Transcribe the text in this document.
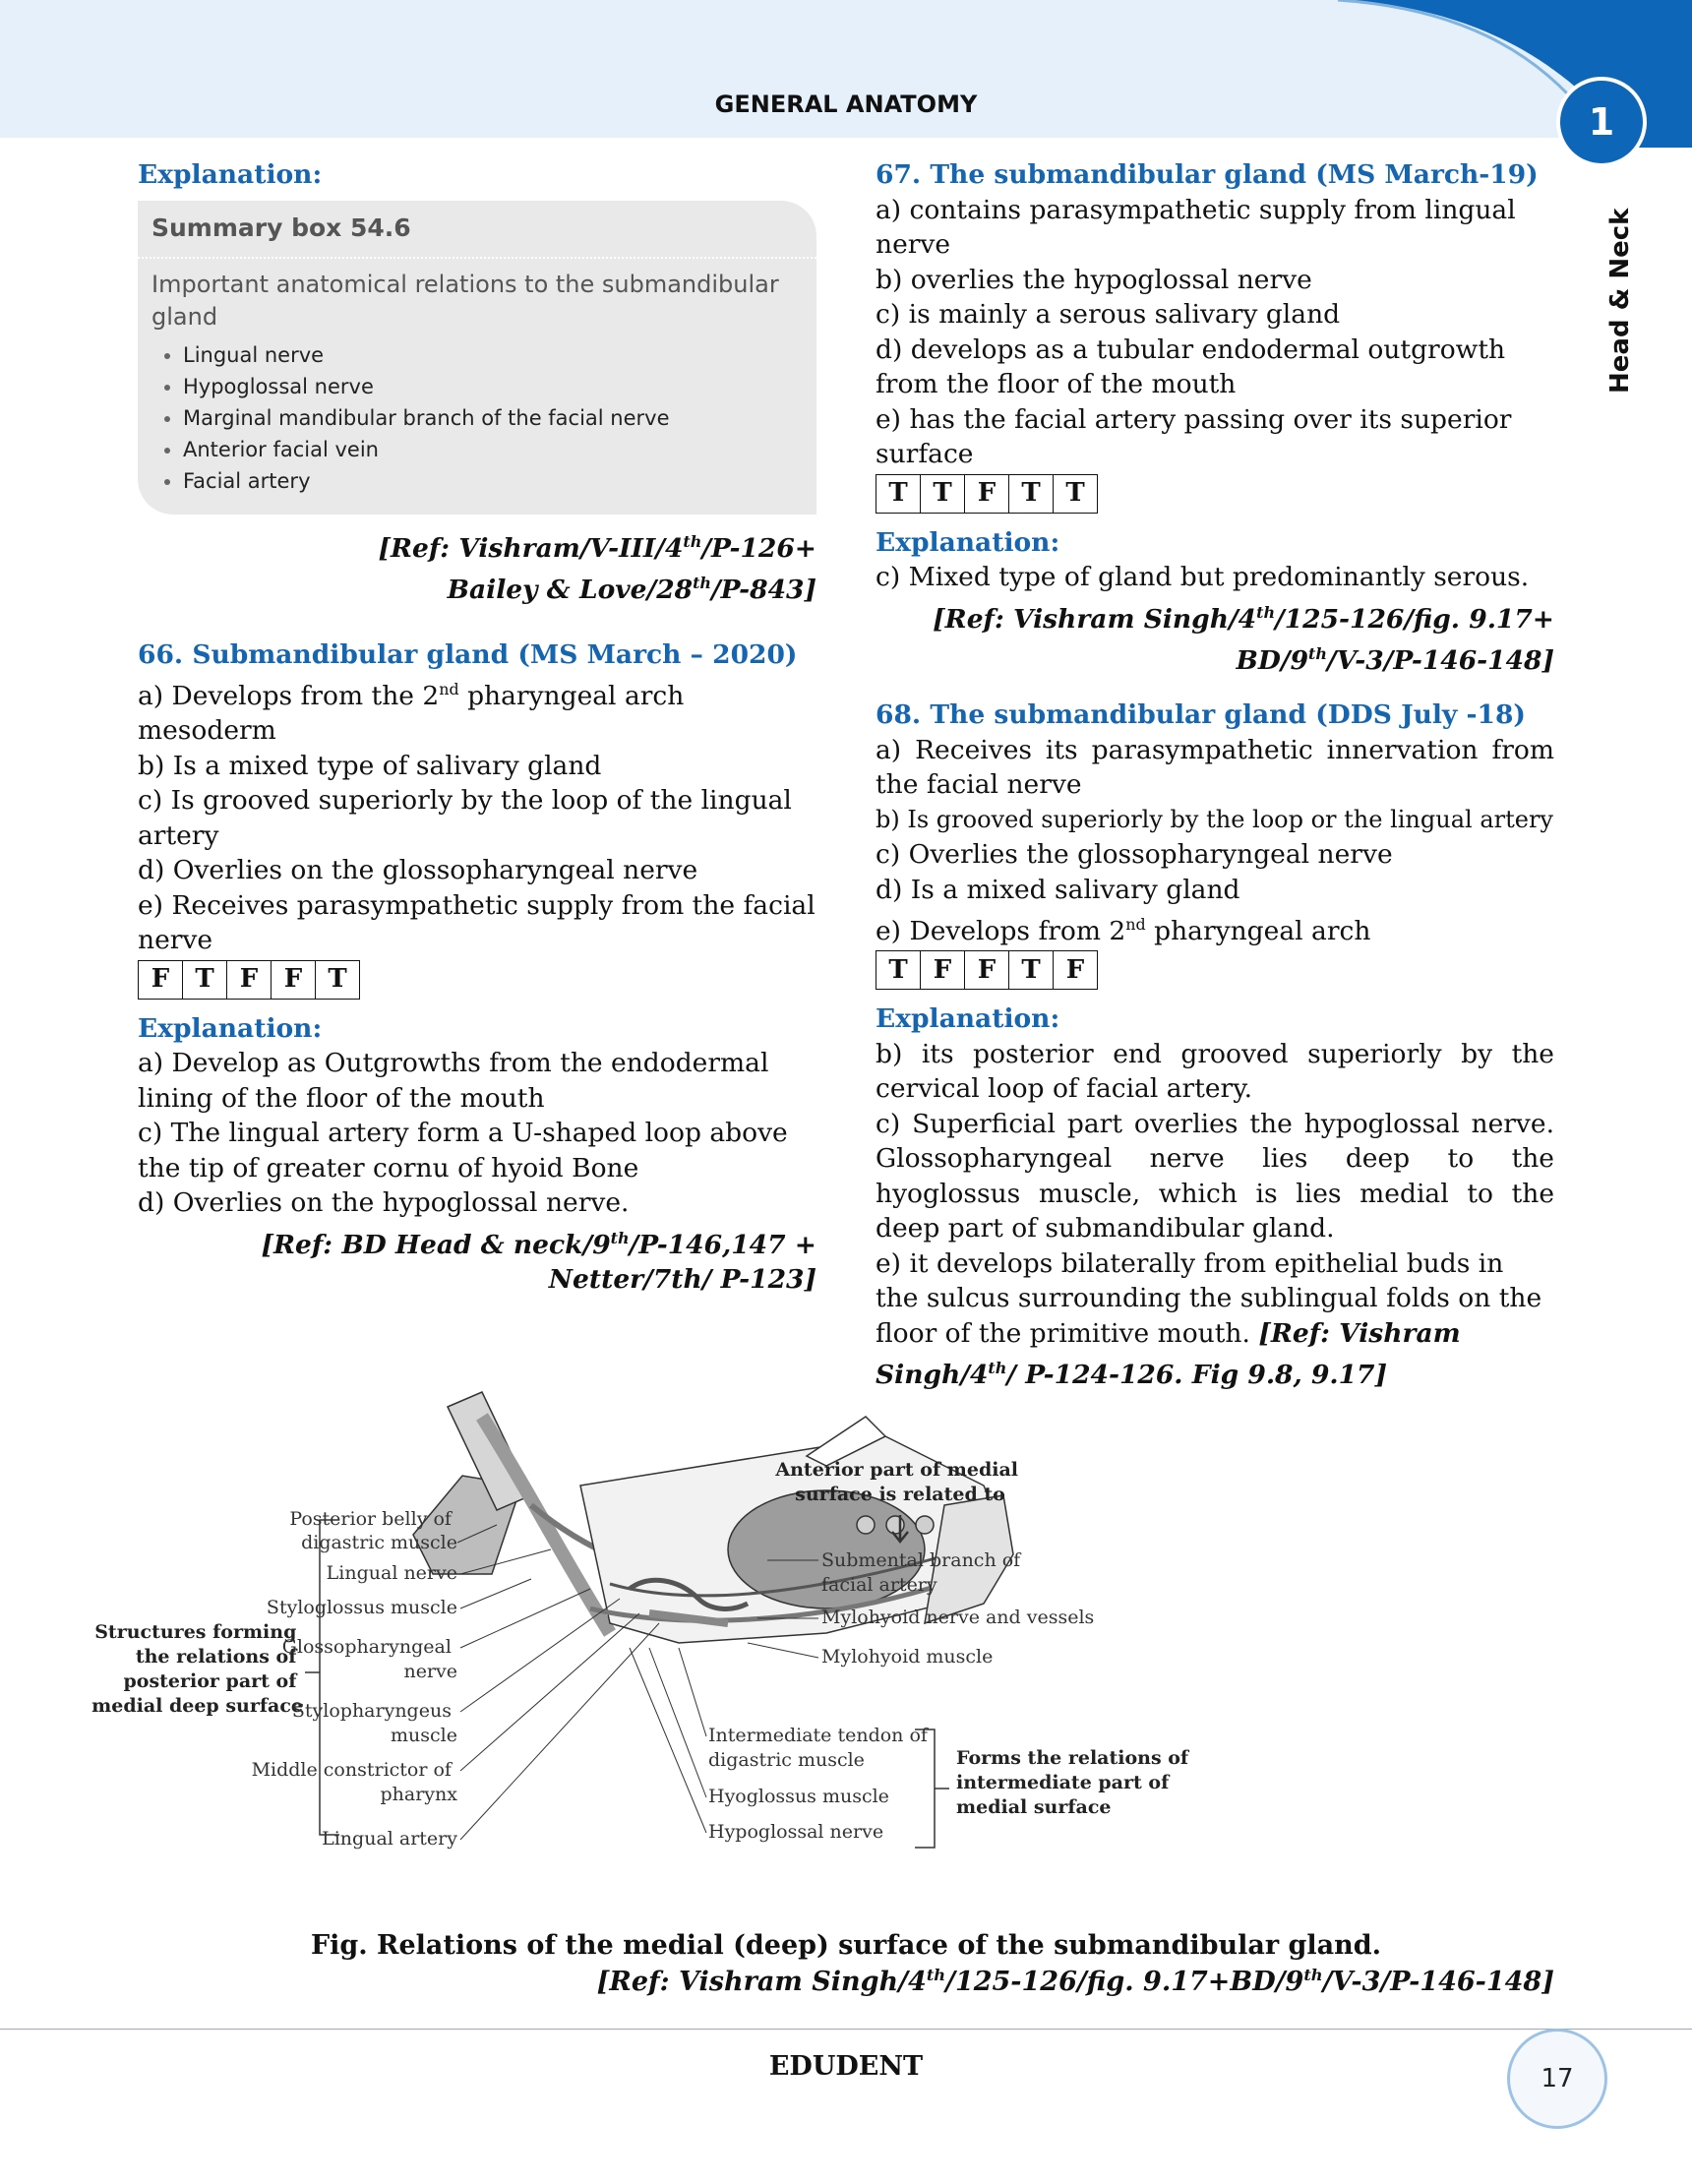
GENERAL ANATOMY	1
Head & Neck
Explanation:
Summary box 54.6
Important anatomical relations to the submandibular gland
• Lingual nerve
• Hypoglossal nerve
• Marginal mandibular branch of the facial nerve
• Anterior facial vein
• Facial artery
[Ref: Vishram/V-III/4th/P-126+
Bailey & Love/28th/P-843]
66. Submandibular gland (MS March – 2020)
a) Develops from the 2nd pharyngeal arch mesoderm
b) Is a mixed type of salivary gland
c) Is grooved superiorly by the loop of the lingual artery
d) Overlies on the glossopharyngeal nerve
e) Receives parasympathetic supply from the facial nerve
F	T	F	F	T
Explanation:
a) Develop as Outgrowths from the endodermal lining of the floor of the mouth
c) The lingual artery form a U-shaped loop above the tip of greater cornu of hyoid Bone
d) Overlies on the hypoglossal nerve.
[Ref: BD Head & neck/9th/P-146,147 +
Netter/7th/ P-123]
67. The submandibular gland (MS March-19)
a) contains parasympathetic supply from lingual nerve
b) overlies the hypoglossal nerve
c) is mainly a serous salivary gland
d) develops as a tubular endodermal outgrowth from the floor of the mouth
e) has the facial artery passing over its superior surface
T	T	F	T	T
Explanation:
c) Mixed type of gland but predominantly serous.
[Ref: Vishram Singh/4th/125-126/fig. 9.17+
BD/9th/V-3/P-146-148]
68. The submandibular gland (DDS July -18)
a) Receives its parasympathetic innervation from the facial nerve
b) Is grooved superiorly by the loop or the lingual artery
c) Overlies the glossopharyngeal nerve
d) Is a mixed salivary gland
e) Develops from 2nd pharyngeal arch
T	F	F	T	F
Explanation:
b) its posterior end grooved superiorly by the cervical loop of facial artery.
c) Superficial part overlies the hypoglossal nerve. Glossopharyngeal nerve lies deep to the hyoglossus muscle, which is lies medial to the deep part of submandibular gland.
e) it develops bilaterally from epithelial buds in the sulcus surrounding the sublingual folds on the floor of the primitive mouth. [Ref: Vishram Singh/4th/ P-124-126. Fig 9.8, 9.17]
Structures forming the relations of posterior part of medial deep surface
Posterior belly of digastric muscle
Lingual nerve
Styloglossus muscle
Glossopharyngeal nerve
Stylopharyngeus muscle
Middle constrictor of pharynx
Lingual artery
Anterior part of medial surface is related to
Submental branch of facial artery
Mylohyoid nerve and vessels
Mylohyoid muscle
Intermediate tendon of digastric muscle
Hyoglossus muscle
Hypoglossal nerve
Forms the relations of intermediate part of medial surface
Fig. Relations of the medial (deep) surface of the submandibular gland.
[Ref: Vishram Singh/4th/125-126/fig. 9.17+BD/9th/V-3/P-146-148]
EDUDENT	17
